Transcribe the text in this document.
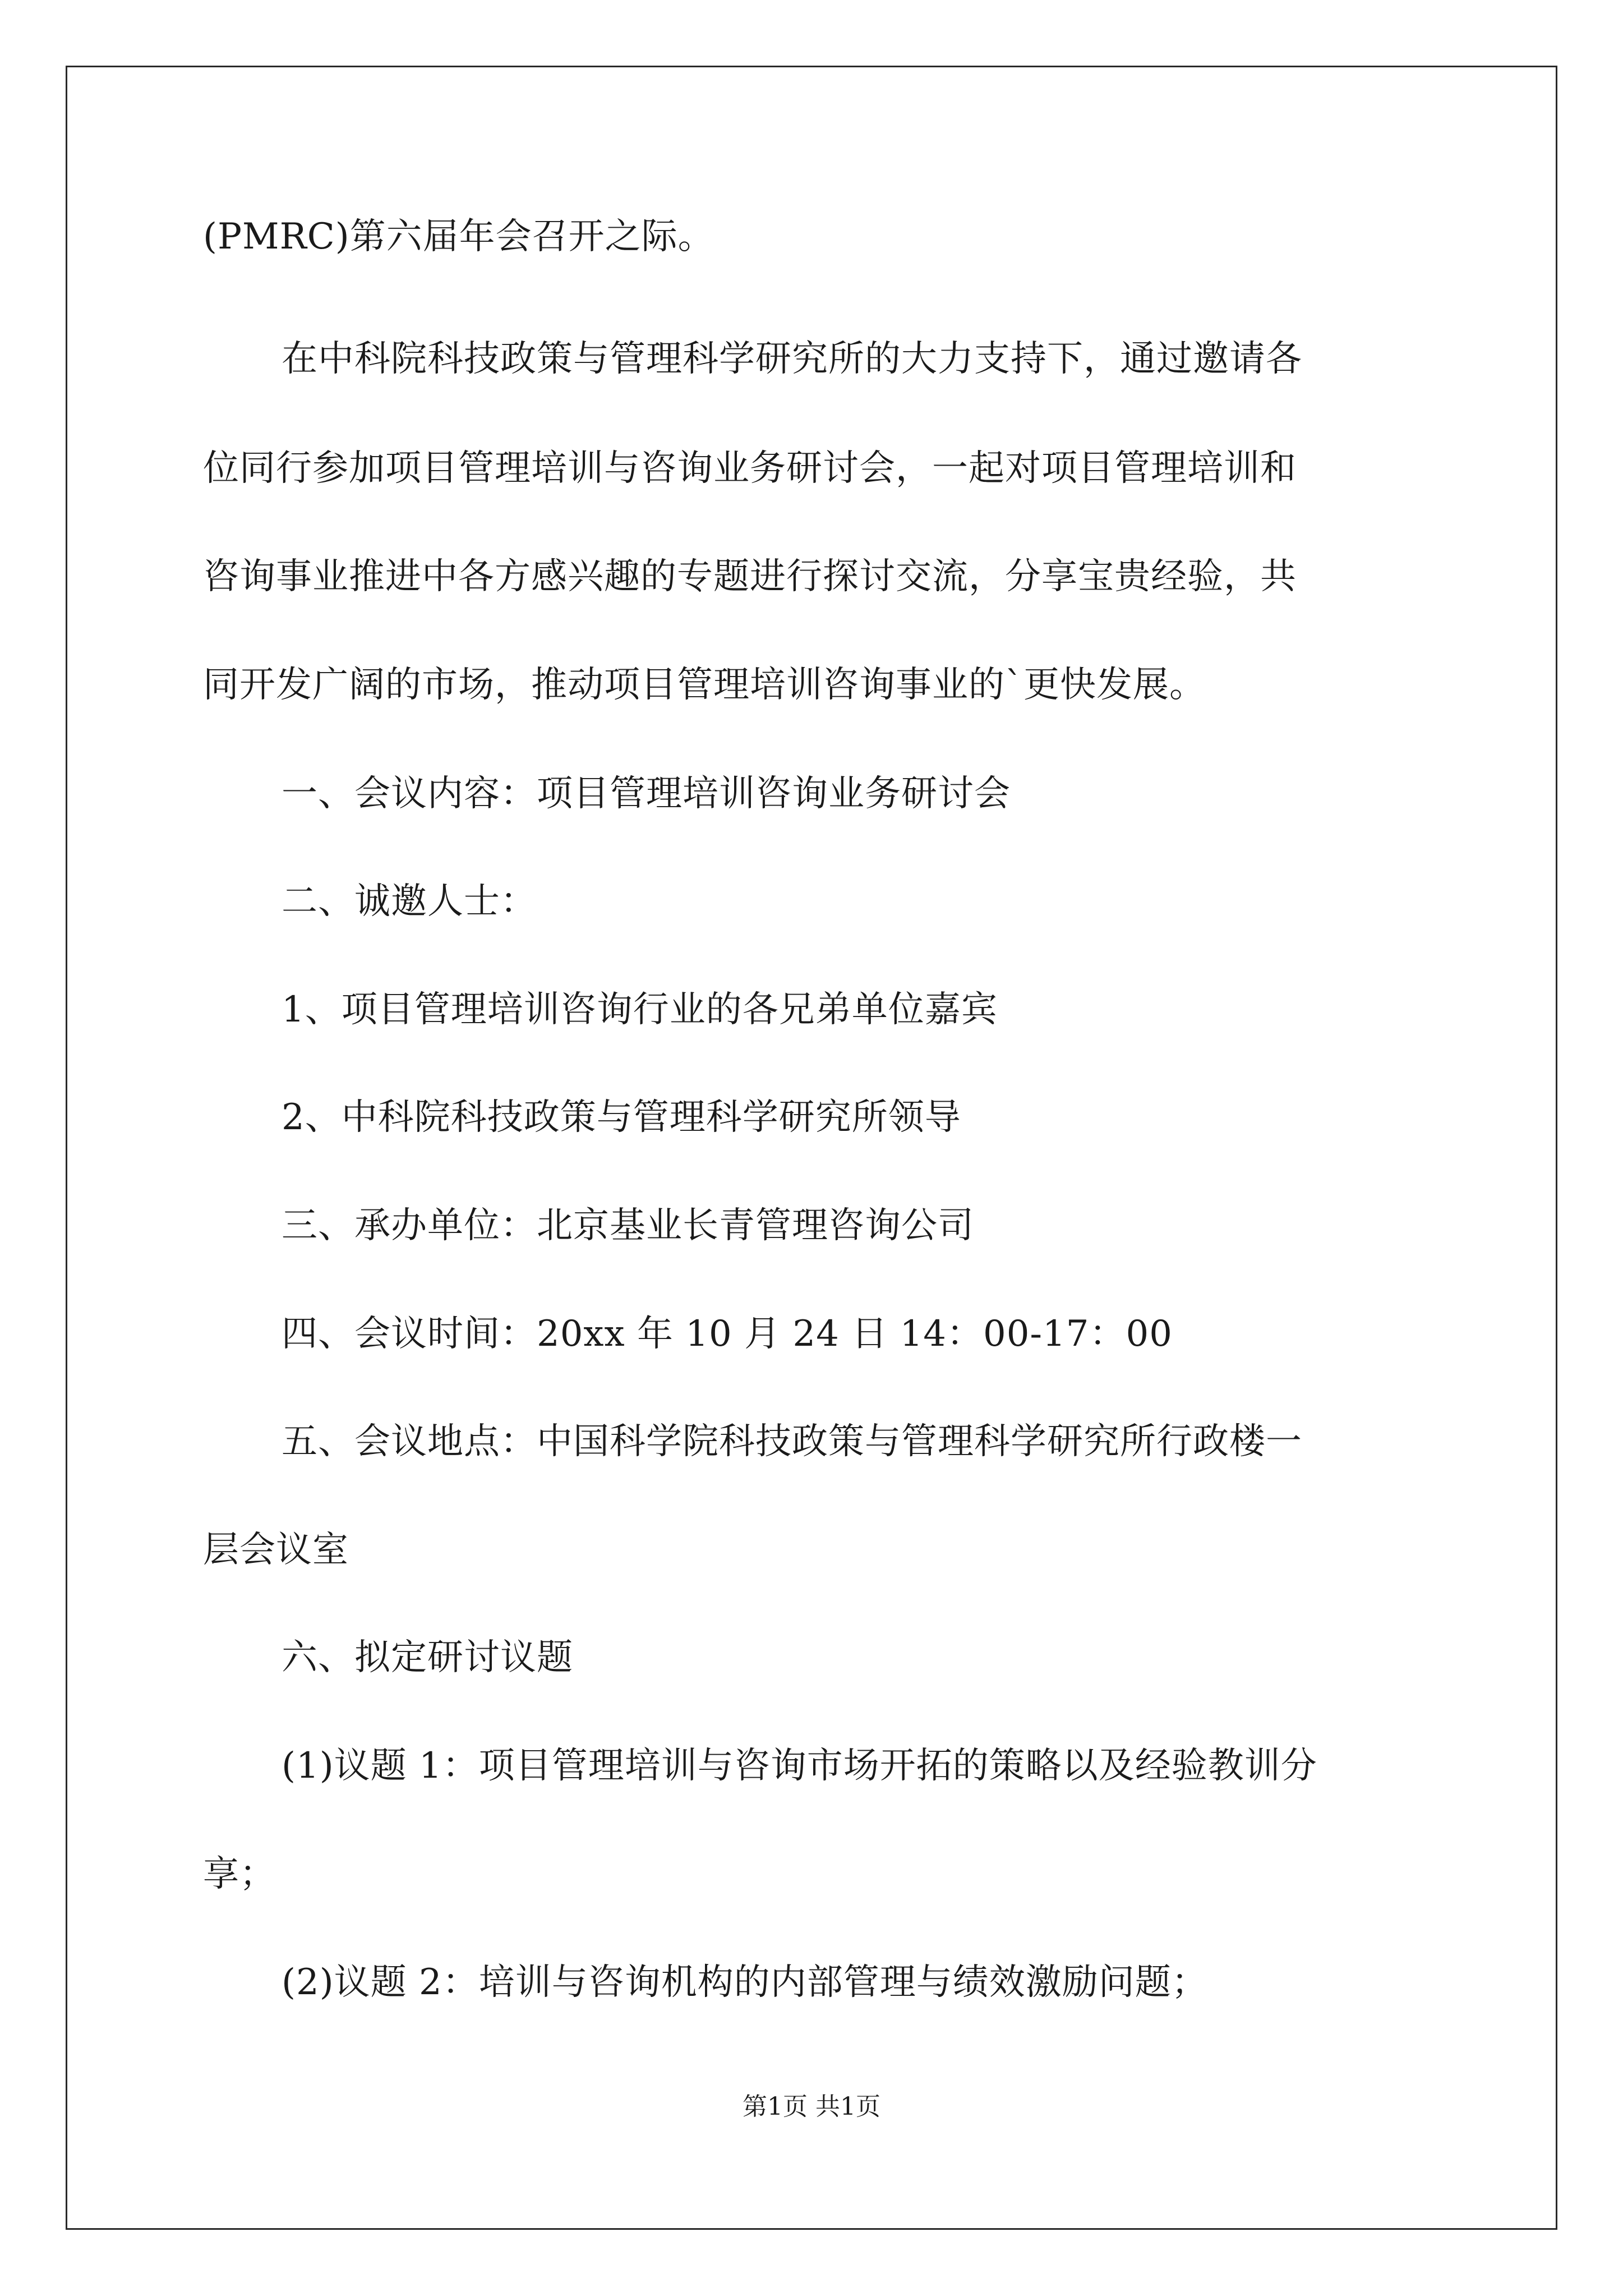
(PMRC)第六届年会召开之际。
在中科院科技政策与管理科学研究所的大力支持下，通过邀请各
位同行参加项目管理培训与咨询业务研讨会，一起对项目管理培训和
咨询事业推进中各方感兴趣的专题进行探讨交流，分享宝贵经验，共
同开发广阔的市场，推动项目管理培训咨询事业的`更快发展。
一、会议内容：项目管理培训咨询业务研讨会
二、诚邀人士：
1、项目管理培训咨询行业的各兄弟单位嘉宾
2、中科院科技政策与管理科学研究所领导
三、承办单位：北京基业长青管理咨询公司
四、会议时间：20xx 年 10 月 24 日 14：00-17：00
五、会议地点：中国科学院科技政策与管理科学研究所行政楼一
层会议室
六、拟定研讨议题
(1)议题 1：项目管理培训与咨询市场开拓的策略以及经验教训分
享；
(2)议题 2：培训与咨询机构的内部管理与绩效激励问题；
第1页 共1页
